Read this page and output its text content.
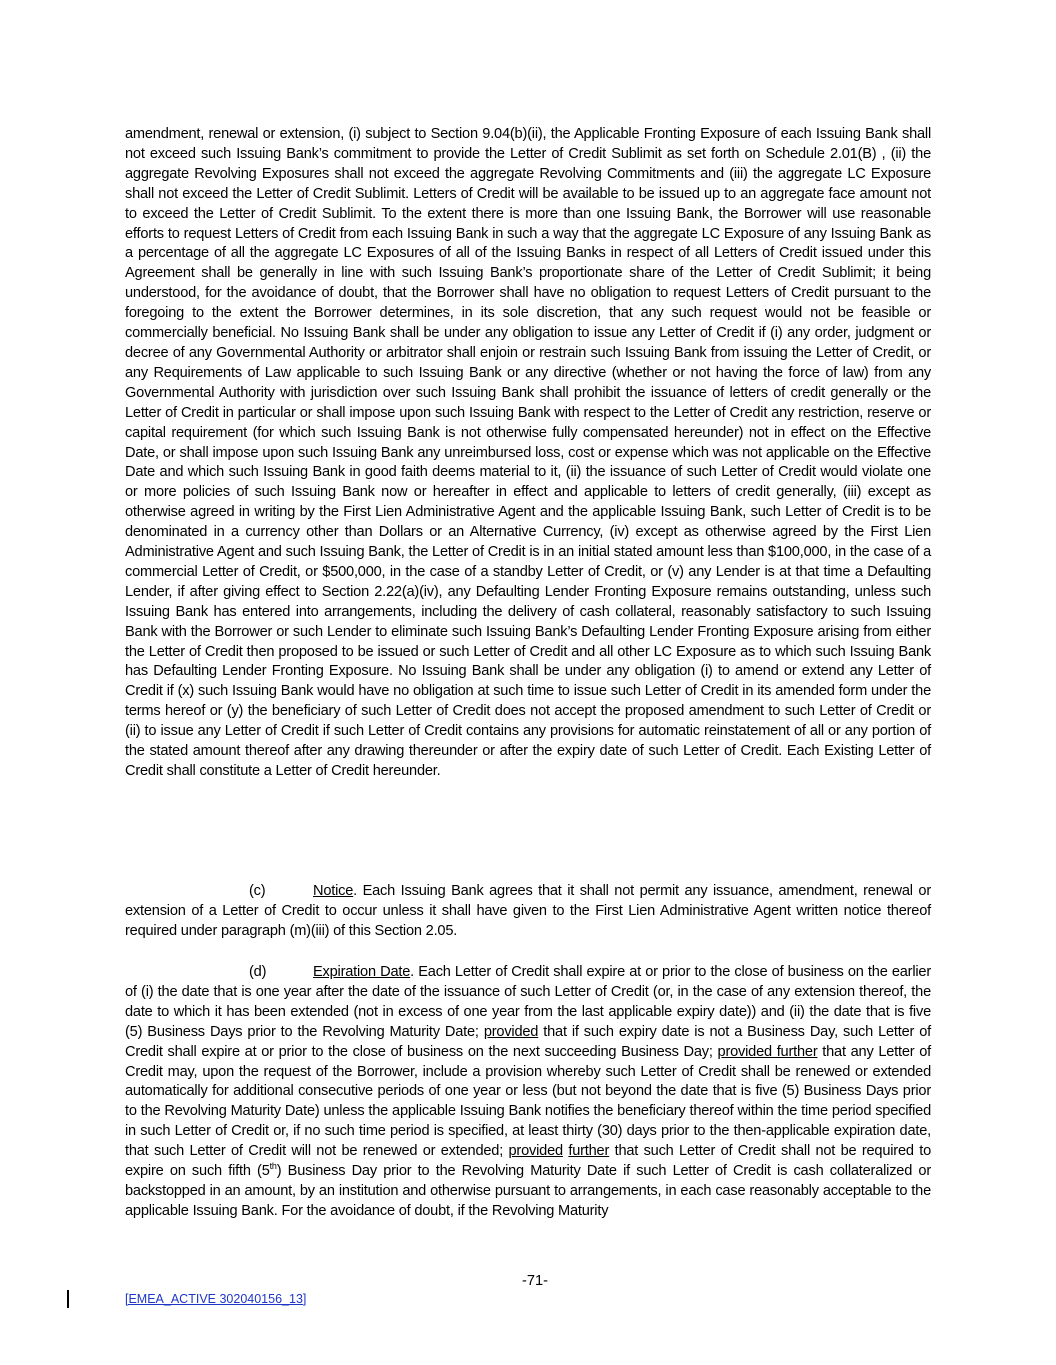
amendment, renewal or extension, (i) subject to Section 9.04(b)(ii), the Applicable Fronting Exposure of each Issuing Bank shall not exceed such Issuing Bank’s commitment to provide the Letter of Credit Sublimit as set forth on Schedule 2.01(B) , (ii) the aggregate Revolving Exposures shall not exceed the aggregate Revolving Commitments and (iii) the aggregate LC Exposure shall not exceed the Letter of Credit Sublimit. Letters of Credit will be available to be issued up to an aggregate face amount not to exceed the Letter of Credit Sublimit. To the extent there is more than one Issuing Bank, the Borrower will use reasonable efforts to request Letters of Credit from each Issuing Bank in such a way that the aggregate LC Exposure of any Issuing Bank as a percentage of all the aggregate LC Exposures of all of the Issuing Banks in respect of all Letters of Credit issued under this Agreement shall be generally in line with such Issuing Bank’s proportionate share of the Letter of Credit Sublimit; it being understood, for the avoidance of doubt, that the Borrower shall have no obligation to request Letters of Credit pursuant to the foregoing to the extent the Borrower determines, in its sole discretion, that any such request would not be feasible or commercially beneficial. No Issuing Bank shall be under any obligation to issue any Letter of Credit if (i) any order, judgment or decree of any Governmental Authority or arbitrator shall enjoin or restrain such Issuing Bank from issuing the Letter of Credit, or any Requirements of Law applicable to such Issuing Bank or any directive (whether or not having the force of law) from any Governmental Authority with jurisdiction over such Issuing Bank shall prohibit the issuance of letters of credit generally or the Letter of Credit in particular or shall impose upon such Issuing Bank with respect to the Letter of Credit any restriction, reserve or capital requirement (for which such Issuing Bank is not otherwise fully compensated hereunder) not in effect on the Effective Date, or shall impose upon such Issuing Bank any unreimbursed loss, cost or expense which was not applicable on the Effective Date and which such Issuing Bank in good faith deems material to it, (ii) the issuance of such Letter of Credit would violate one or more policies of such Issuing Bank now or hereafter in effect and applicable to letters of credit generally, (iii) except as otherwise agreed in writing by the First Lien Administrative Agent and the applicable Issuing Bank, such Letter of Credit is to be denominated in a currency other than Dollars or an Alternative Currency, (iv) except as otherwise agreed by the First Lien Administrative Agent and such Issuing Bank, the Letter of Credit is in an initial stated amount less than $100,000, in the case of a commercial Letter of Credit, or $500,000, in the case of a standby Letter of Credit, or (v) any Lender is at that time a Defaulting Lender, if after giving effect to Section 2.22(a)(iv), any Defaulting Lender Fronting Exposure remains outstanding, unless such Issuing Bank has entered into arrangements, including the delivery of cash collateral, reasonably satisfactory to such Issuing Bank with the Borrower or such Lender to eliminate such Issuing Bank’s Defaulting Lender Fronting Exposure arising from either the Letter of Credit then proposed to be issued or such Letter of Credit and all other LC Exposure as to which such Issuing Bank has Defaulting Lender Fronting Exposure. No Issuing Bank shall be under any obligation (i) to amend or extend any Letter of Credit if (x) such Issuing Bank would have no obligation at such time to issue such Letter of Credit in its amended form under the terms hereof or (y) the beneficiary of such Letter of Credit does not accept the proposed amendment to such Letter of Credit or (ii) to issue any Letter of Credit if such Letter of Credit contains any provisions for automatic reinstatement of all or any portion of the stated amount thereof after any drawing thereunder or after the expiry date of such Letter of Credit. Each Existing Letter of Credit shall constitute a Letter of Credit hereunder.

(c)	Notice. Each Issuing Bank agrees that it shall not permit any issuance, amendment, renewal or extension of a Letter of Credit to occur unless it shall have given to the First Lien Administrative Agent written notice thereof required under paragraph (m)(iii) of this Section 2.05.

(d)	Expiration Date. Each Letter of Credit shall expire at or prior to the close of business on the earlier of (i) the date that is one year after the date of the issuance of such Letter of Credit (or, in the case of any extension thereof, the date to which it has been extended (not in excess of one year from the last applicable expiry date)) and (ii) the date that is five (5) Business Days prior to the Revolving Maturity Date; provided that if such expiry date is not a Business Day, such Letter of Credit shall expire at or prior to the close of business on the next succeeding Business Day; provided further that any Letter of Credit may, upon the request of the Borrower, include a provision whereby such Letter of Credit shall be renewed or extended automatically for additional consecutive periods of one year or less (but not beyond the date that is five (5) Business Days prior to the Revolving Maturity Date) unless the applicable Issuing Bank notifies the beneficiary thereof within the time period specified in such Letter of Credit or, if no such time period is specified, at least thirty (30) days prior to the then-applicable expiration date, that such Letter of Credit will not be renewed or extended; provided further that such Letter of Credit shall not be required to expire on such fifth (5th) Business Day prior to the Revolving Maturity Date if such Letter of Credit is cash collateralized or backstopped in an amount, by an institution and otherwise pursuant to arrangements, in each case reasonably acceptable to the applicable Issuing Bank. For the avoidance of doubt, if the Revolving Maturity

-71-
[EMEA_ACTIVE 302040156_13]
